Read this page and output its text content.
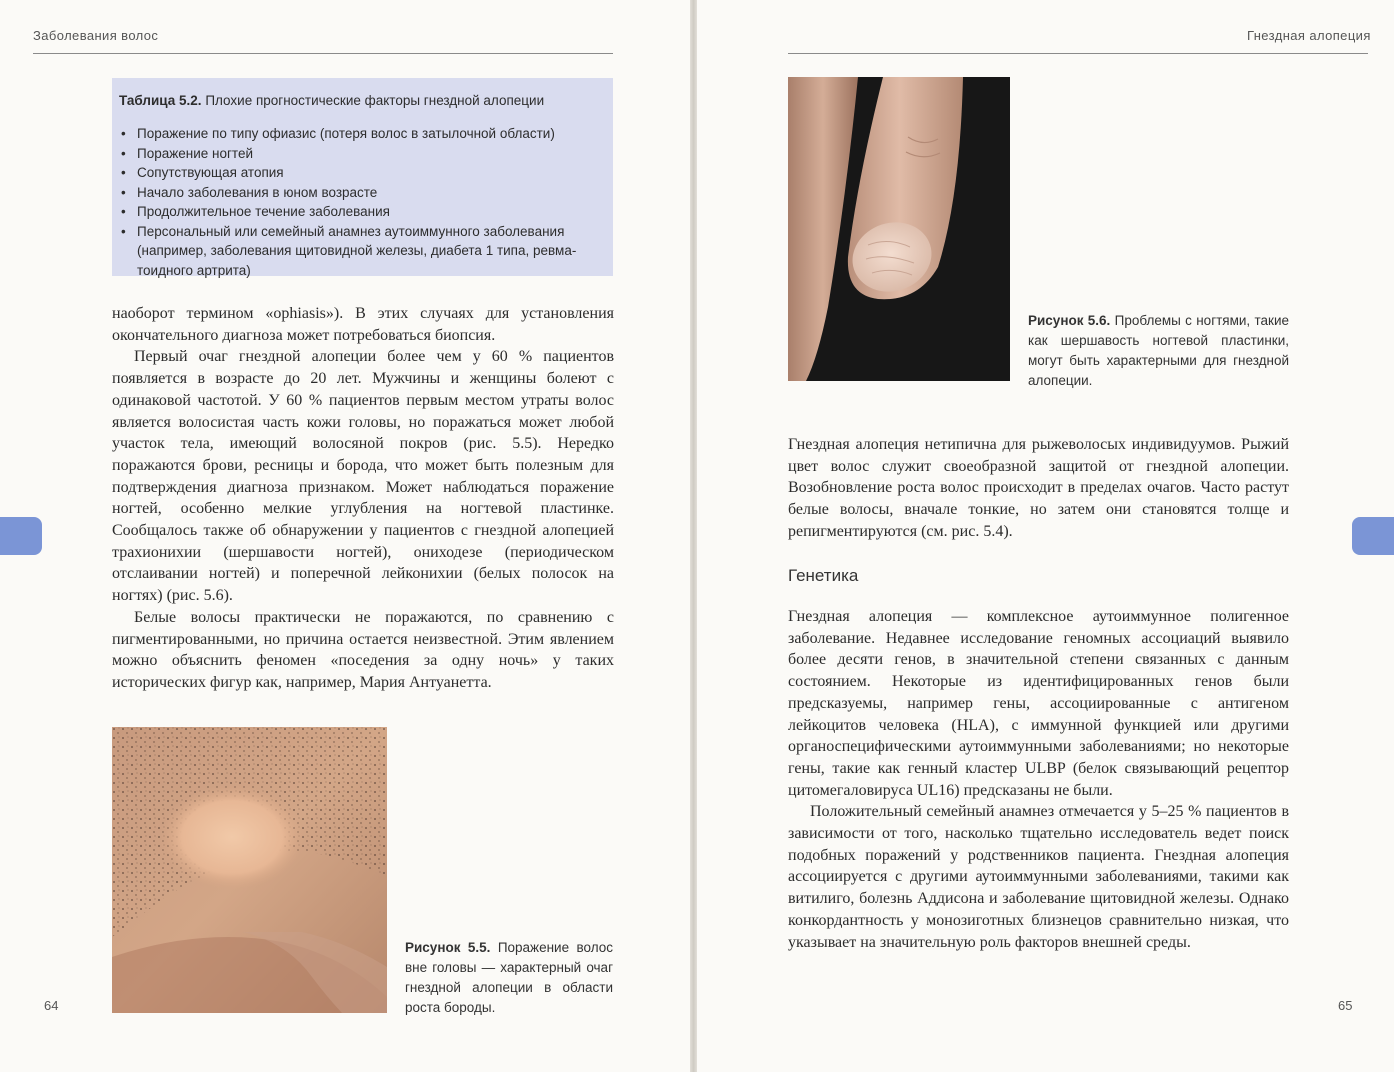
Заболевания волос
Таблица 5.2. Плохие прогностические факторы гнездной алопеции
• Поражение по типу офиазис (потеря волос в затылочной области)
• Поражение ногтей
• Сопутствующая атопия
• Начало заболевания в юном возрасте
• Продолжительное течение заболевания
• Персональный или семейный анамнез аутоиммунного заболевания (например, заболевания щитовидной железы, диабета 1 типа, ревма-тоидного артрита)

наоборот термином «ophiasis»). В этих случаях для установления окончательного диагноза может потребоваться биопсия.

Первый очаг гнездной алопеции более чем у 60 % пациентов появляется в возрасте до 20 лет. Мужчины и женщины болеют с одинаковой частотой. У 60 % пациентов первым местом утраты волос является волосистая часть кожи головы, но поражаться может любой участок тела, имеющий волосяной покров (рис. 5.5). Нередко поражаются брови, ресницы и борода, что может быть полезным для подтверждения диагноза признаком. Может наблюдаться поражение ногтей, особенно мелкие углубления на ногтевой пластинке. Сообщалось также об обнаружении у пациентов с гнездной алопецией трахионихии (шершавости ногтей), ониходезе (периодическом отслаивании ногтей) и поперечной лейконихии (белых полосок на ногтях) (рис. 5.6).

Белые волосы практически не поражаются, по сравнению с пигментированными, но причина остается неизвестной. Этим явлением можно объяснить феномен «поседения за одну ночь» у таких исторических фигур как, например, Мария Антуанетта.

Рисунок 5.5. Поражение волос вне головы — характерный очаг гнездной алопеции в области роста бороды.
64
Гнездная алопеция
Рисунок 5.6. Проблемы с ногтями, такие как шершавость ногтевой пластинки, могут быть характерными для гнездной алопеции.

Гнездная алопеция нетипична для рыжеволосых индивидуумов. Рыжий цвет волос служит своеобразной защитой от гнездной алопеции. Возобновление роста волос происходит в пределах очагов. Часто растут белые волосы, вначале тонкие, но затем они становятся толще и репигментируются (см. рис. 5.4).

Генетика

Гнездная алопеция — комплексное аутоиммунное полигенное заболевание. Недавнее исследование геномных ассоциаций выявило более десяти генов, в значительной степени связанных с данным состоянием. Некоторые из идентифицированных генов были предсказуемы, например гены, ассоциированные с антигеном лейкоцитов человека (HLA), с иммунной функцией или другими органоспецифическими аутоиммунными заболеваниями; но некоторые гены, такие как генный кластер ULBP (белок связывающий рецептор цитомегаловируса UL16) предсказаны не были.

Положительный семейный анамнез отмечается у 5–25 % пациентов в зависимости от того, насколько тщательно исследователь ведет поиск подобных поражений у родственников пациента. Гнездная алопеция ассоциируется с другими аутоиммунными заболеваниями, такими как витилиго, болезнь Аддисона и заболевание щитовидной железы. Однако конкордантность у монозиготных близнецов сравнительно низкая, что указывает на значительную роль факторов внешней среды.

65
